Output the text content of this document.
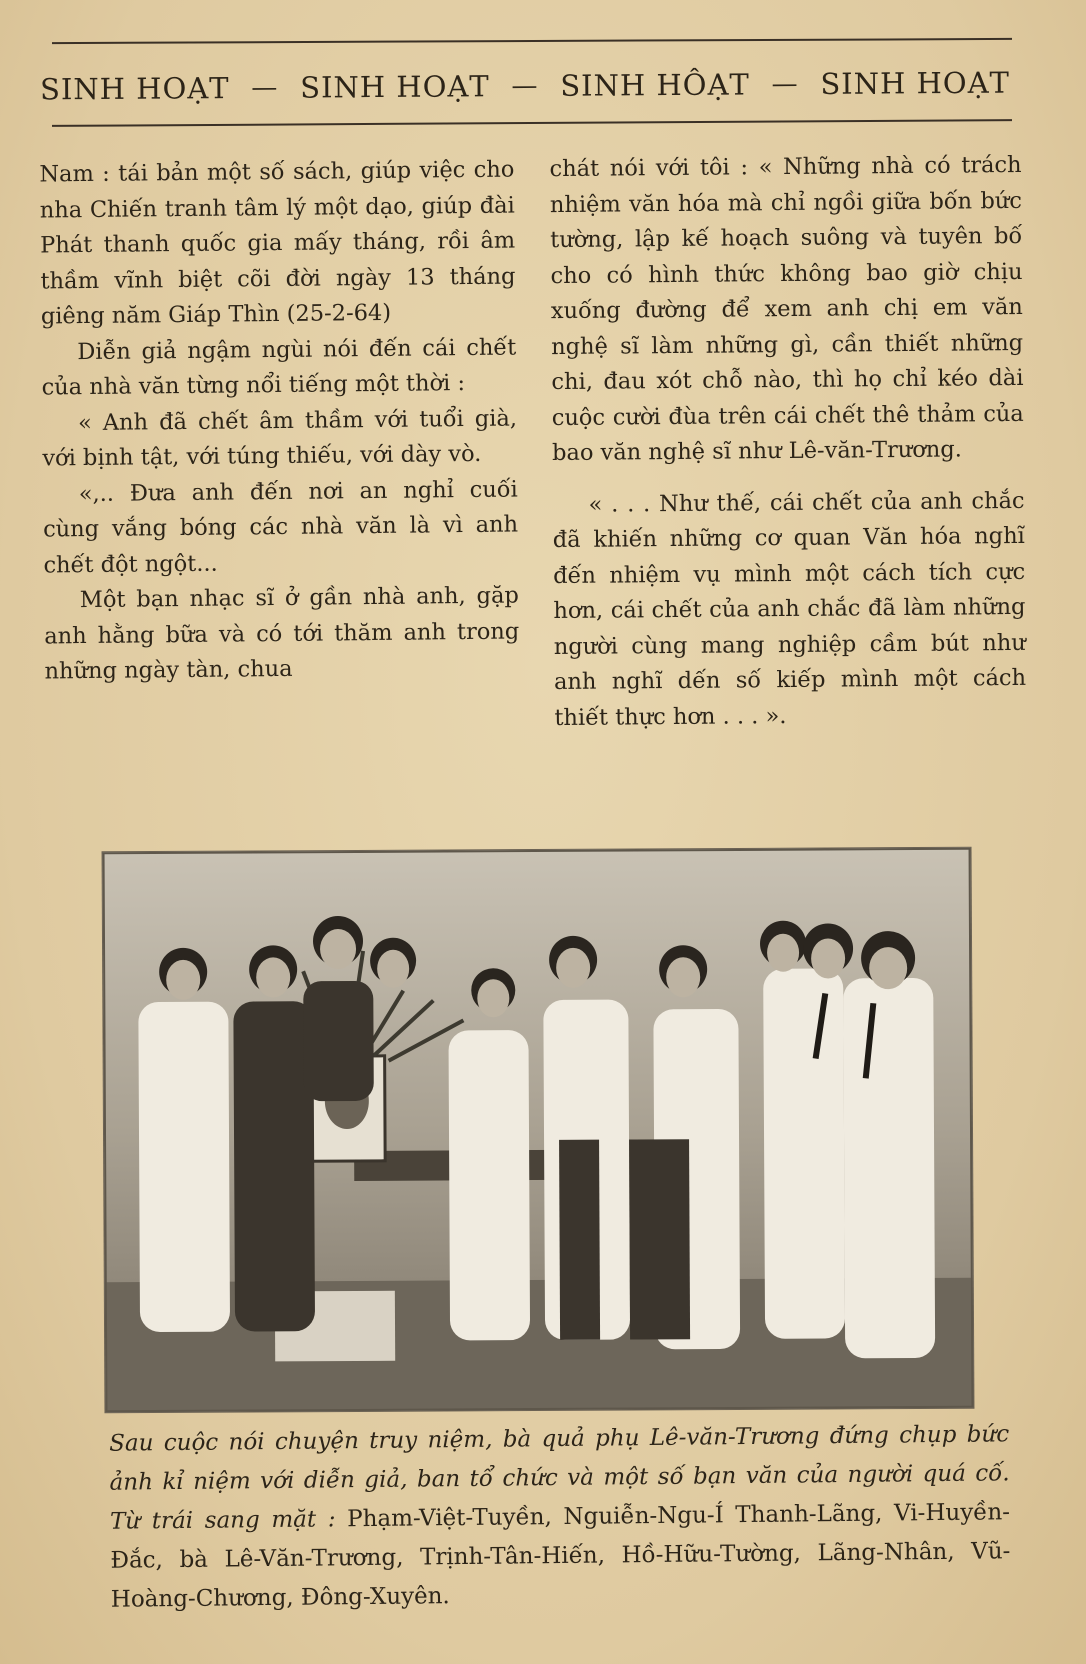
SINH HOẠT — SINH HOẠT — SINH HÔẠT — SINH HOẠT

Nam : tái bản một số sách, giúp việc cho nha Chiến tranh tâm lý một dạo, giúp đài Phát thanh quốc gia mấy tháng, rồi âm thầm vĩnh biệt cõi đời ngày 13 tháng giêng năm Giáp Thìn (25-2-64)

Diễn giả ngậm ngùi nói đến cái chết của nhà văn từng nổi tiếng một thời :

« Anh đã chết âm thầm với tuổi già, với bịnh tật, với túng thiếu, với dày vò.

«,.. Đưa anh đến nơi an nghỉ cuối cùng vắng bóng các nhà văn là vì anh chết đột ngột...

Một bạn nhạc sĩ ở gần nhà anh, gặp anh hằng bữa và có tới thăm anh trong những ngày tàn, chua

chát nói với tôi : « Những nhà có trách nhiệm văn hóa mà chỉ ngồi giữa bốn bức tường, lập kế hoạch suông và tuyên bố cho có hình thức không bao giờ chịu xuống đường để xem anh chị em văn nghệ sĩ làm những gì, cần thiết những chi, đau xót chỗ nào, thì họ chỉ kéo dài cuộc cười đùa trên cái chết thê thảm của bao văn nghệ sĩ như Lê-văn-Trương.

« . . . Như thế, cái chết của anh chắc đã khiến những cơ quan Văn hóa nghĩ đến nhiệm vụ mình một cách tích cực hơn, cái chết của anh chắc đã làm những người cùng mang nghiệp cầm bút như anh nghĩ dến số kiếp mình một cách thiết thực hơn . . . ».

Sau cuộc nói chuyện truy niệm, bà quả phụ Lê-văn-Trương đứng chụp bức ảnh kỉ niệm với diễn giả, ban tổ chức và một số bạn văn của người quá cố. Từ trái sang mặt : Phạm-Việt-Tuyền, Nguiễn-Ngu-Í Thanh-Lãng, Vi-Huyền-Đắc, bà Lê-Văn-Trương, Trịnh-Tân-Hiến, Hồ-Hữu-Tường, Lãng-Nhân, Vũ-Hoàng-Chương, Đông-Xuyên.
